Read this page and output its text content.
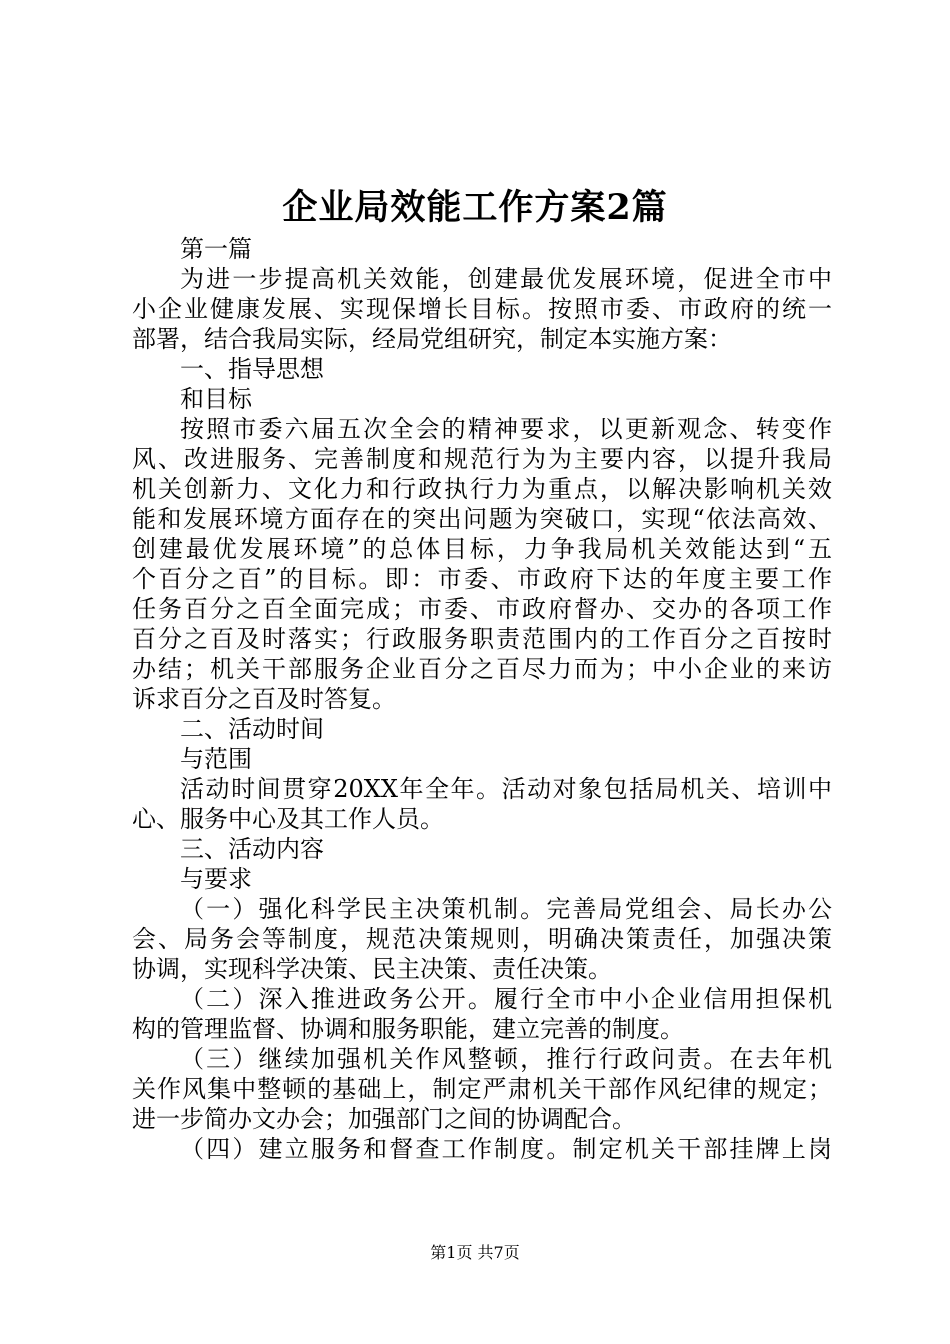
企业局效能工作方案2篇
第一篇
为进一步提高机关效能，创建最优发展环境，促进全市中
小企业健康发展、实现保增长目标。按照市委、市政府的统一
部署，结合我局实际，经局党组研究，制定本实施方案：
一、指导思想
和目标
按照市委六届五次全会的精神要求，以更新观念、转变作
风、改进服务、完善制度和规范行为为主要内容，以提升我局
机关创新力、文化力和行政执行力为重点，以解决影响机关效
能和发展环境方面存在的突出问题为突破口，实现“依法高效、
创建最优发展环境”的总体目标，力争我局机关效能达到“五
个百分之百”的目标。即：市委、市政府下达的年度主要工作
任务百分之百全面完成；市委、市政府督办、交办的各项工作
百分之百及时落实；行政服务职责范围内的工作百分之百按时
办结；机关干部服务企业百分之百尽力而为；中小企业的来访
诉求百分之百及时答复。
二、活动时间
与范围
活动时间贯穿20XX年全年。活动对象包括局机关、培训中
心、服务中心及其工作人员。
三、活动内容
与要求
（一）强化科学民主决策机制。完善局党组会、局长办公
会、局务会等制度，规范决策规则，明确决策责任，加强决策
协调，实现科学决策、民主决策、责任决策。
（二）深入推进政务公开。履行全市中小企业信用担保机
构的管理监督、协调和服务职能，建立完善的制度。
（三）继续加强机关作风整顿，推行行政问责。在去年机
关作风集中整顿的基础上，制定严肃机关干部作风纪律的规定；
进一步简办文办会；加强部门之间的协调配合。
（四）建立服务和督查工作制度。制定机关干部挂牌上岗
第1页 共7页
